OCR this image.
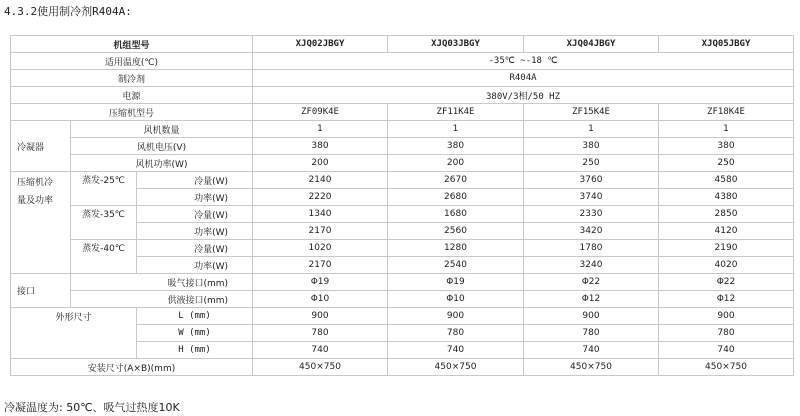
4.3.2使用制冷剂R404A:
机组型号			XJQ02JBGY	XJQ03JBGY	XJQ04JBGY	XJQ05JBGY
适用温度(℃)			-35℃ ~-18 ℃			
制冷剂			R404A			
电源			380V/3相/50 HZ			
压缩机型号			ZF09K4E	ZF11K4E	ZF15K4E	ZF18K4E
冷凝器	风机数量		1	1	1	1
	风机电压(V)		380	380	380	380
	风机功率(W)		200	200	250	250

压缩机冷
量及功率	蒸发-25℃	冷量(W)	2140	2670	3760	4580
		功率(W)	2220	2680	3740	4380
	蒸发-35℃	冷量(W)	1340	1680	2330	2850
		功率(W)	2170	2560	3420	4120
	蒸发-40℃	冷量(W)	1020	1280	1780	2190
		功率(W)	2170	2540	3240	4020
接口	吸气接口(mm)		Φ19	Φ19	Φ22	Φ22
	供液接口(mm)		Φ10	Φ10	Φ12	Φ12
外形尺寸		L (mm)	900	900	900	900
		W (mm)	780	780	780	780
		H (mm)	740	740	740	740
安装尺寸(A×B)(mm)			450×750	450×750	450×750	450×750
冷凝温度为: 50℃、吸气过热度10K
